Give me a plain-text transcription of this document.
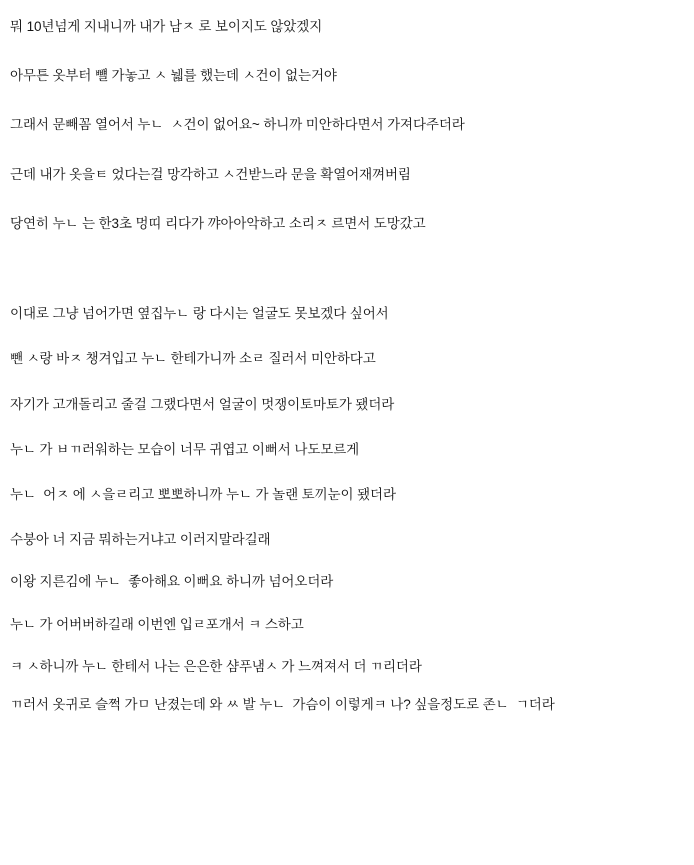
뭐 10년넘게 지내니까 내가 남ㅈ 로 보이지도 않았겠지
아무튼 옷부터 뺼 가놓고 ㅅ 뉇를 했는데 ㅅ건이 없는거야
그래서 문빼꼼 열어서 누ㄴ  ㅅ건이 없어요~ 하니까 미안하다면서 가져다주더라
근데 내가 옷을ㅌ 었다는걸 망각하고 ㅅ건받느라 문을 확열어재껴버림
당연히 누ㄴ 는 한3초 멍띠 리다가 꺄아아악하고 소리ㅈ 르면서 도망갔고
이대로 그냥 넘어가면 옆집누ㄴ 랑 다시는 얼굴도 못보겠다 싶어서
뺀 ㅅ랑 바ㅈ 챙겨입고 누ㄴ 한테가니까 소ㄹ 질러서 미안하다고
자기가 고개돌리고 줄걸 그랬다면서 얼굴이 멋쟁이토마토가 됐더라
누ㄴ 가 ㅂㄲ러워하는 모습이 너무 귀엽고 이뻐서 나도모르게
누ㄴ  어ㅈ 에 ㅅ을ㄹ리고 뽀뽀하니까 누ㄴ 가 놀랜 토끼눈이 됐더라
수붕아 너 지금 뭐하는거냐고 이러지말라길래
이왕 지른김에 누ㄴ  좋아해요 이뻐요 하니까 넘어오더라
누ㄴ 가 어버버하길래 이번엔 입ㄹ포개서 ㅋ 스하고
ㅋ ㅅ하니까 누ㄴ 한테서 나는 은은한 샴푸냄ㅅ 가 느껴져서 더 ㄲ리더라
ㄲ러서 옷귀로 슬쩍 가ㅁ 난졌는데 와 ㅆ 발 누ㄴ  가슴이 이렇게ㅋ 나? 싶을정도로 존ㄴ  ㄱ더라
